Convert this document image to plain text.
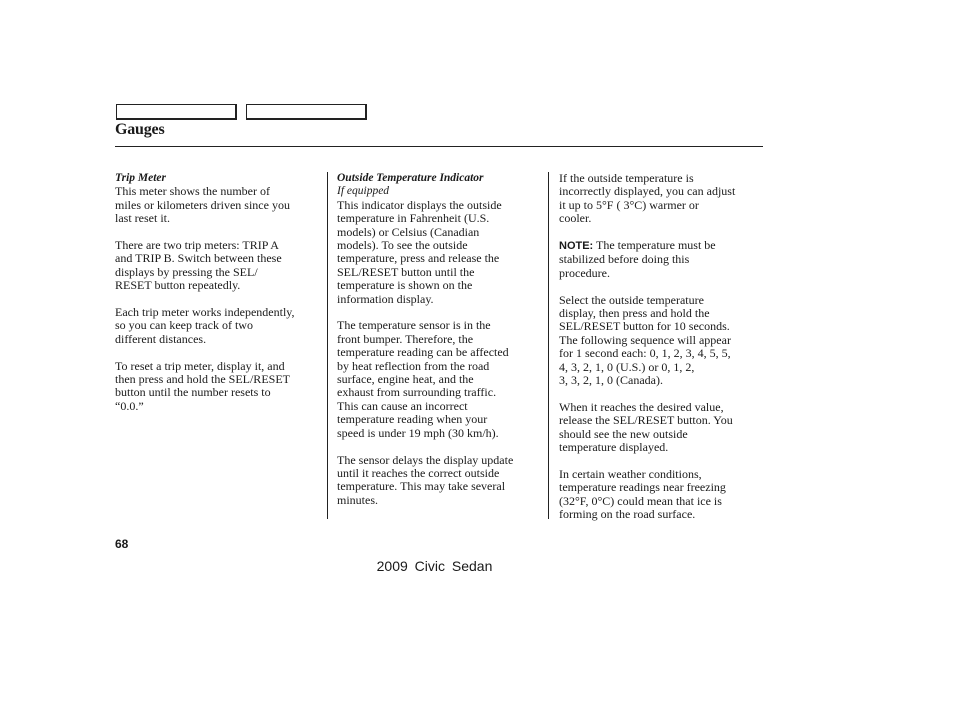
Gauges
Trip Meter

This meter shows the number of
miles or kilometers driven since you
last reset it.

There are two trip meters: TRIP A
and TRIP B. Switch between these
displays by pressing the SEL/
RESET button repeatedly.

Each trip meter works independently,
so you can keep track of two
different distances.

To reset a trip meter, display it, and
then press and hold the SEL/RESET
button until the number resets to
“0.0.”

Outside Temperature Indicator
If equipped

This indicator displays the outside
temperature in Fahrenheit (U.S.
models) or Celsius (Canadian
models). To see the outside
temperature, press and release the
SEL/RESET button until the
temperature is shown on the
information display.

The temperature sensor is in the
front bumper. Therefore, the
temperature reading can be affected
by heat reflection from the road
surface, engine heat, and the
exhaust from surrounding traffic.
This can cause an incorrect
temperature reading when your
speed is under 19 mph (30 km/h).

The sensor delays the display update
until it reaches the correct outside
temperature. This may take several
minutes.

If the outside temperature is
incorrectly displayed, you can adjust
it up to 5°F ( 3°C) warmer or
cooler.

NOTE: The temperature must be
stabilized before doing this
procedure.

Select the outside temperature
display, then press and hold the
SEL/RESET button for 10 seconds.
The following sequence will appear
for 1 second each: 0, 1, 2, 3, 4, 5, 5,
4, 3, 2, 1, 0 (U.S.) or 0, 1, 2,
3, 3, 2, 1, 0 (Canada).

When it reaches the desired value,
release the SEL/RESET button. You
should see the new outside
temperature displayed.

In certain weather conditions,
temperature readings near freezing
(32°F, 0°C) could mean that ice is
forming on the road surface.

68
2009 Civic Sedan
